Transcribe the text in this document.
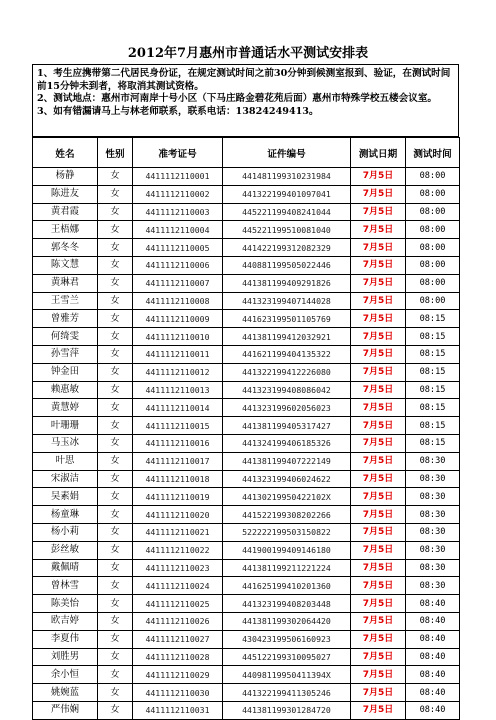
2012年7月惠州市普通话水平测试安排表
1、考生应携带第二代居民身份证，在规定测试时间之前30分钟到候测室报到、验证，在测试时间前15分钟未到者，将取消其测试资格。
2、测试地点：惠州市河南岸十号小区（下马庄路金碧花苑后面）惠州市特殊学校五楼会议室。
3、如有错漏请马上与林老师联系，联系电话：13824249413。
姓名	性别	准考证号	证件编号	测试日期	测试时间
杨静	女	4411112110001	441481199310231984	7月5日	08:00
陈进友	女	4411112110002	441322199401097041	7月5日	08:00
黄君霞	女	4411112110003	445221199408241044	7月5日	08:00
王梧娜	女	4411112110004	445221199510081040	7月5日	08:00
郭冬冬	女	4411112110005	441422199312082329	7月5日	08:00
陈文慧	女	4411112110006	440881199505022446	7月5日	08:00
黄琳君	女	4411112110007	441381199409291826	7月5日	08:00
王雪兰	女	4411112110008	441323199407144028	7月5日	08:00
曾雅芳	女	4411112110009	441623199501105769	7月5日	08:15
何绮雯	女	4411112110010	441381199412032921	7月5日	08:15
孙雪萍	女	4411112110011	441621199404135322	7月5日	08:15
钟金田	女	4411112110012	441322199412226080	7月5日	08:15
赖惠敏	女	4411112110013	441323199408086042	7月5日	08:15
黄慧婷	女	4411112110014	441323199602056023	7月5日	08:15
叶珊珊	女	4411112110015	441381199405317427	7月5日	08:15
马玉冰	女	4411112110016	441324199406185326	7月5日	08:15
叶思	女	4411112110017	441381199407222149	7月5日	08:30
宋淑洁	女	4411112110018	441323199406024622	7月5日	08:30
吴素娟	女	4411112110019	44130219950422102X	7月5日	08:30
杨童琳	女	4411112110020	441522199308202266	7月5日	08:30
杨小莉	女	4411112110021	522222199503150822	7月5日	08:30
彭丝敏	女	4411112110022	441900199409146180	7月5日	08:30
戴佩晴	女	4411112110023	441381199211221224	7月5日	08:30
曾林雪	女	4411112110024	441625199410201360	7月5日	08:30
陈美怡	女	4411112110025	441323199408203448	7月5日	08:40
欧吉婷	女	4411112110026	441381199302064420	7月5日	08:40
李夏伟	女	4411112110027	430423199506160923	7月5日	08:40
刘胜男	女	4411112110028	445122199310095027	7月5日	08:40
余小恒	女	4411112110029	44098119950411394X	7月5日	08:40
姚婉蓝	女	4411112110030	441322199411305246	7月5日	08:40
严伟娴	女	4411112110031	441381199301284720	7月5日	08:40
